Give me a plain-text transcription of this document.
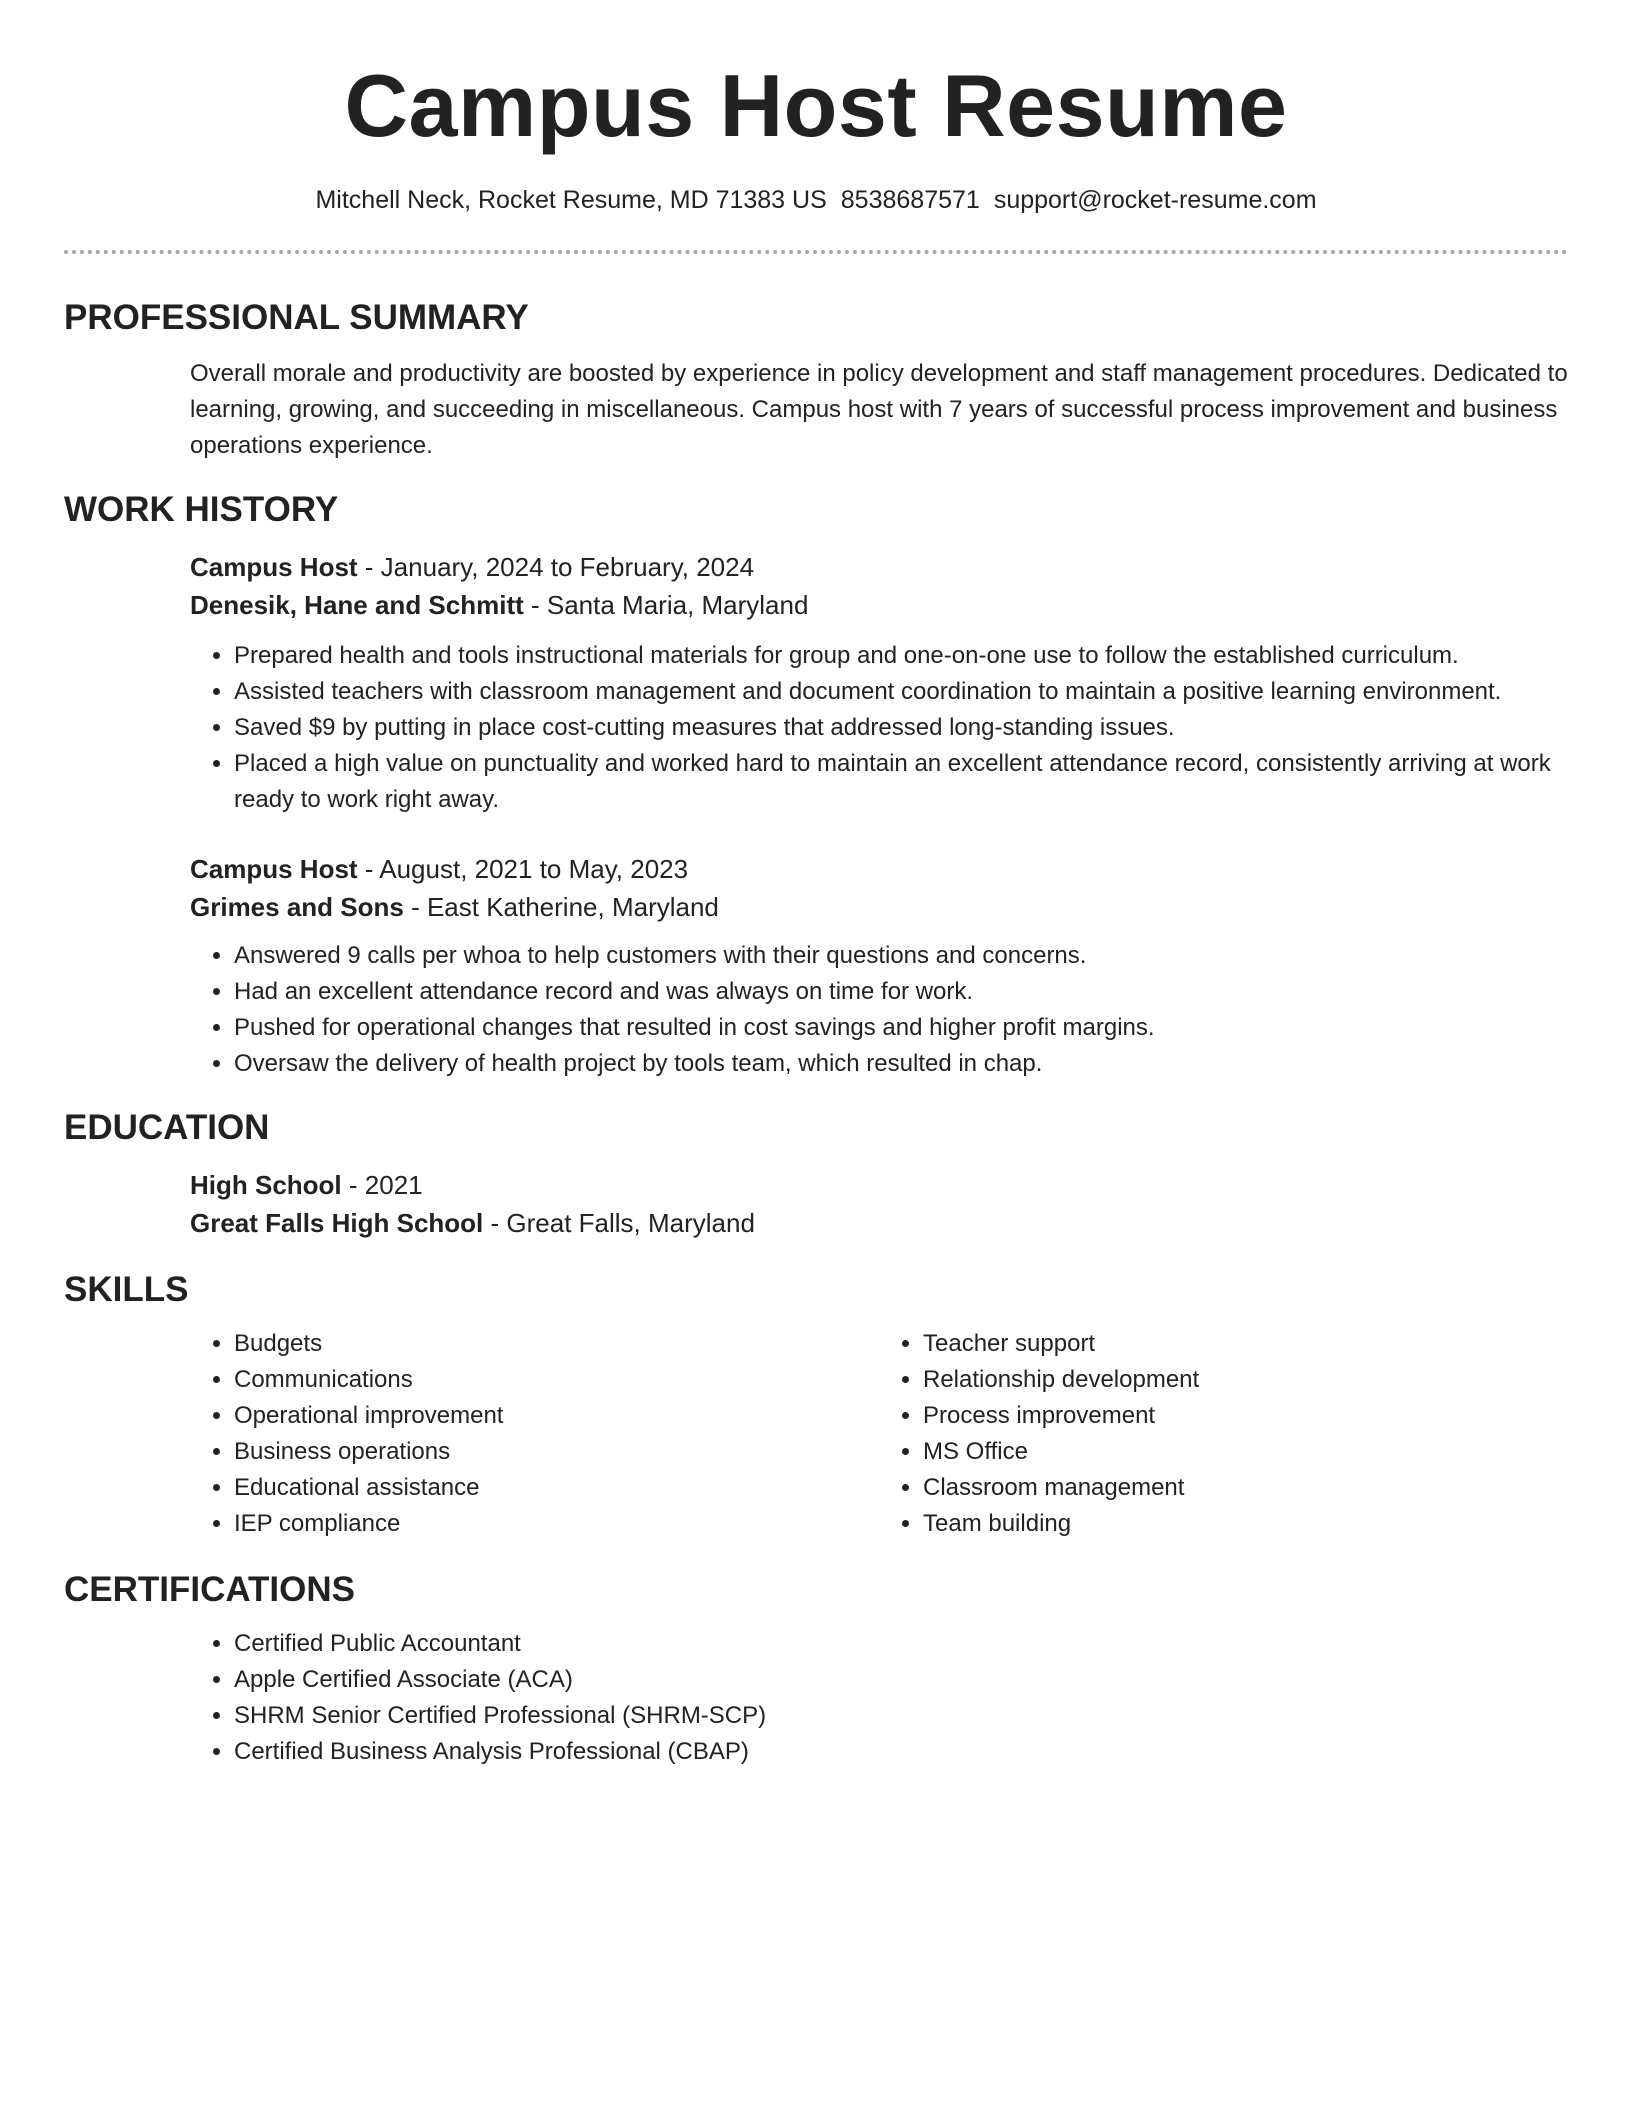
Campus Host Resume
Mitchell Neck, Rocket Resume, MD 71383 US 8538687571 support@rocket-resume.com
PROFESSIONAL SUMMARY
Overall morale and productivity are boosted by experience in policy development and staff management procedures. Dedicated to learning, growing, and succeeding in miscellaneous. Campus host with 7 years of successful process improvement and business operations experience.
WORK HISTORY
Campus Host - January, 2024 to February, 2024
Denesik, Hane and Schmitt - Santa Maria, Maryland
• Prepared health and tools instructional materials for group and one-on-one use to follow the established curriculum.
• Assisted teachers with classroom management and document coordination to maintain a positive learning environment.
• Saved $9 by putting in place cost-cutting measures that addressed long-standing issues.
• Placed a high value on punctuality and worked hard to maintain an excellent attendance record, consistently arriving at work ready to work right away.
Campus Host - August, 2021 to May, 2023
Grimes and Sons - East Katherine, Maryland
• Answered 9 calls per whoa to help customers with their questions and concerns.
• Had an excellent attendance record and was always on time for work.
• Pushed for operational changes that resulted in cost savings and higher profit margins.
• Oversaw the delivery of health project by tools team, which resulted in chap.
EDUCATION
High School - 2021
Great Falls High School - Great Falls, Maryland
SKILLS
• Budgets
• Communications
• Operational improvement
• Business operations
• Educational assistance
• IEP compliance
• Teacher support
• Relationship development
• Process improvement
• MS Office
• Classroom management
• Team building
CERTIFICATIONS
• Certified Public Accountant
• Apple Certified Associate (ACA)
• SHRM Senior Certified Professional (SHRM-SCP)
• Certified Business Analysis Professional (CBAP)
